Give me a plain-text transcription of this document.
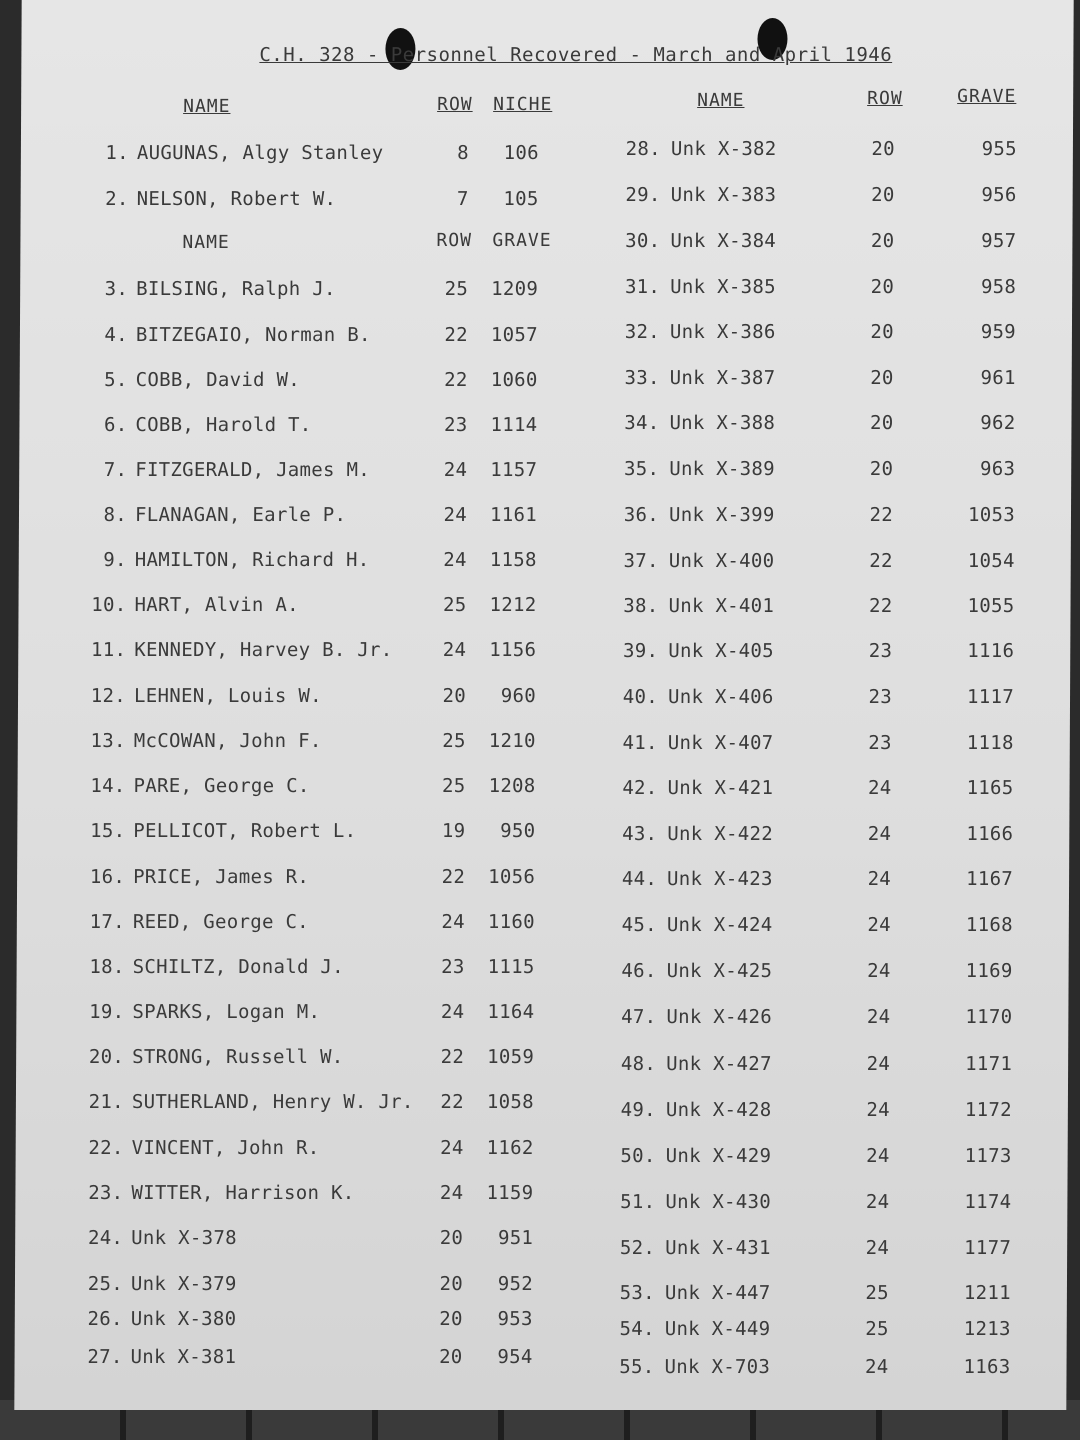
C.H. 328 - Personnel Recovered - March and April 1946
NAME	ROW NICHE
NAME	ROW GRAVE
NAME	ROW	GRAVE
1. AUGUNAS, Algy Stanley	8	106
2. NELSON, Robert W.	7	105
3. BILSING, Ralph J.	25	1209
4. BITZEGAIO, Norman B.	22	1057
5. COBB, David W.	22	1060
6. COBB, Harold T.	23	1114
7. FITZGERALD, James M.	24	1157
8. FLANAGAN, Earle P.	24	1161
9. HAMILTON, Richard H.	24	1158
10. HART, Alvin A.	25	1212
11. KENNEDY, Harvey B. Jr.	24	1156
12. LEHNEN, Louis W.	20	960
13. McCOWAN, John F.	25	1210
14. PARE, George C.	25	1208
15. PELLICOT, Robert L.	19	950
16. PRICE, James R.	22	1056
17. REED, George C.	24	1160
18. SCHILTZ, Donald J.	23	1115
19. SPARKS, Logan M.	24	1164
20. STRONG, Russell W.	22	1059
21. SUTHERLAND, Henry W. Jr.	22	1058
22. VINCENT, John R.	24	1162
23. WITTER, Harrison K.	24	1159
24. Unk X-378	20	951
25. Unk X-379	20	952
26. Unk X-380	20	953
27. Unk X-381	20	954
28. Unk X-382	20	955
29. Unk X-383	20	956
30. Unk X-384	20	957
31. Unk X-385	20	958
32. Unk X-386	20	959
33. Unk X-387	20	961
34. Unk X-388	20	962
35. Unk X-389	20	963
36. Unk X-399	22	1053
37. Unk X-400	22	1054
38. Unk X-401	22	1055
39. Unk X-405	23	1116
40. Unk X-406	23	1117
41. Unk X-407	23	1118
42. Unk X-421	24	1165
43. Unk X-422	24	1166
44. Unk X-423	24	1167
45. Unk X-424	24	1168
46. Unk X-425	24	1169
47. Unk X-426	24	1170
48. Unk X-427	24	1171
49. Unk X-428	24	1172
50. Unk X-429	24	1173
51. Unk X-430	24	1174
52. Unk X-431	24	1177
53. Unk X-447	25	1211
54. Unk X-449	25	1213
55. Unk X-703	24	1163
